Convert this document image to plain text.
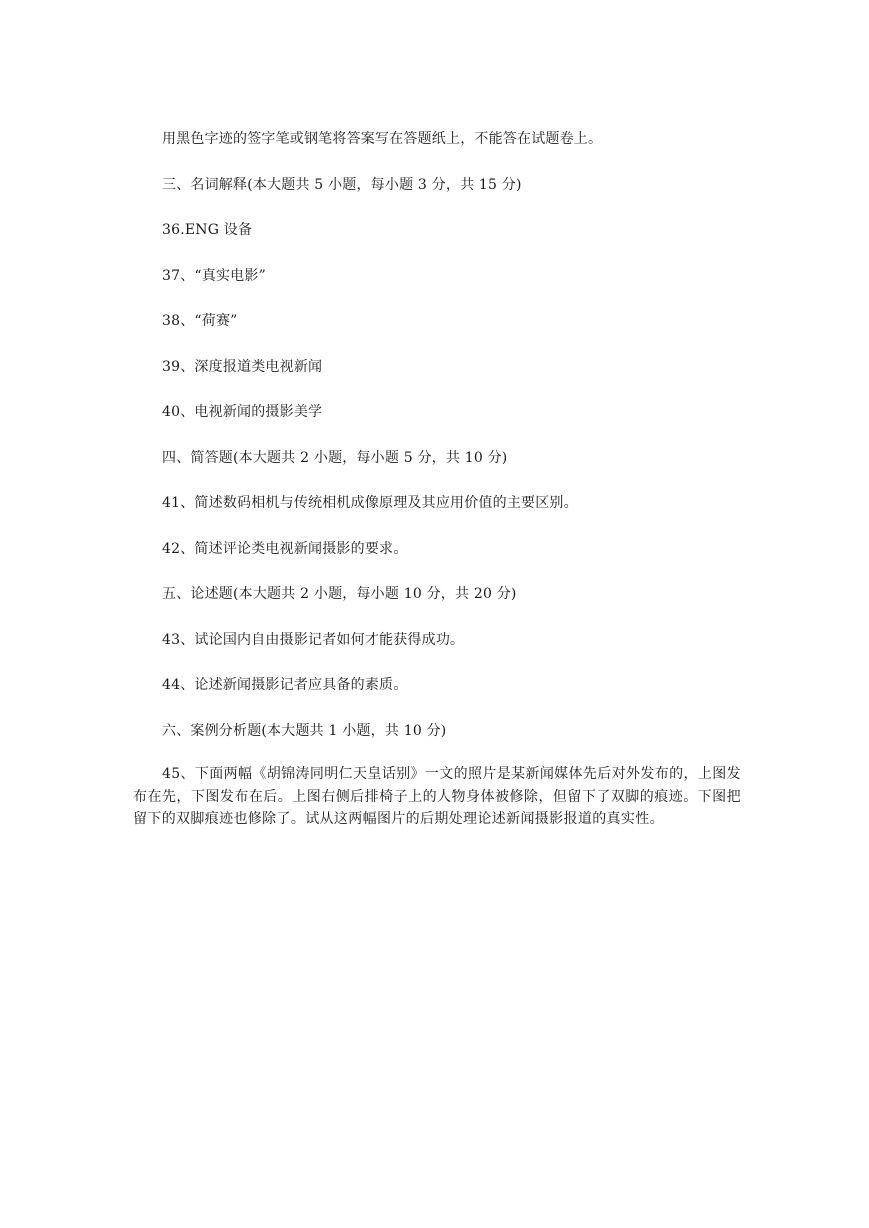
用黑色字迹的签字笔或钢笔将答案写在答题纸上，不能答在试题卷上。
三、名词解释(本大题共 5 小题，每小题 3 分，共 15 分)
36.ENG 设备
37、“真实电影”
38、“荷赛”
39、深度报道类电视新闻
40、电视新闻的摄影美学
四、简答题(本大题共 2 小题，每小题 5 分，共 10 分)
41、简述数码相机与传统相机成像原理及其应用价值的主要区别。
42、简述评论类电视新闻摄影的要求。
五、论述题(本大题共 2 小题，每小题 10 分，共 20 分)
43、试论国内自由摄影记者如何才能获得成功。
44、论述新闻摄影记者应具备的素质。
六、案例分析题(本大题共 1 小题，共 10 分)
45、下面两幅《胡锦涛同明仁天皇话别》一文的照片是某新闻媒体先后对外发布的，上图发布在先，下图发布在后。上图右侧后排椅子上的人物身体被修除，但留下了双脚的痕迹。下图把留下的双脚痕迹也修除了。试从这两幅图片的后期处理论述新闻摄影报道的真实性。
